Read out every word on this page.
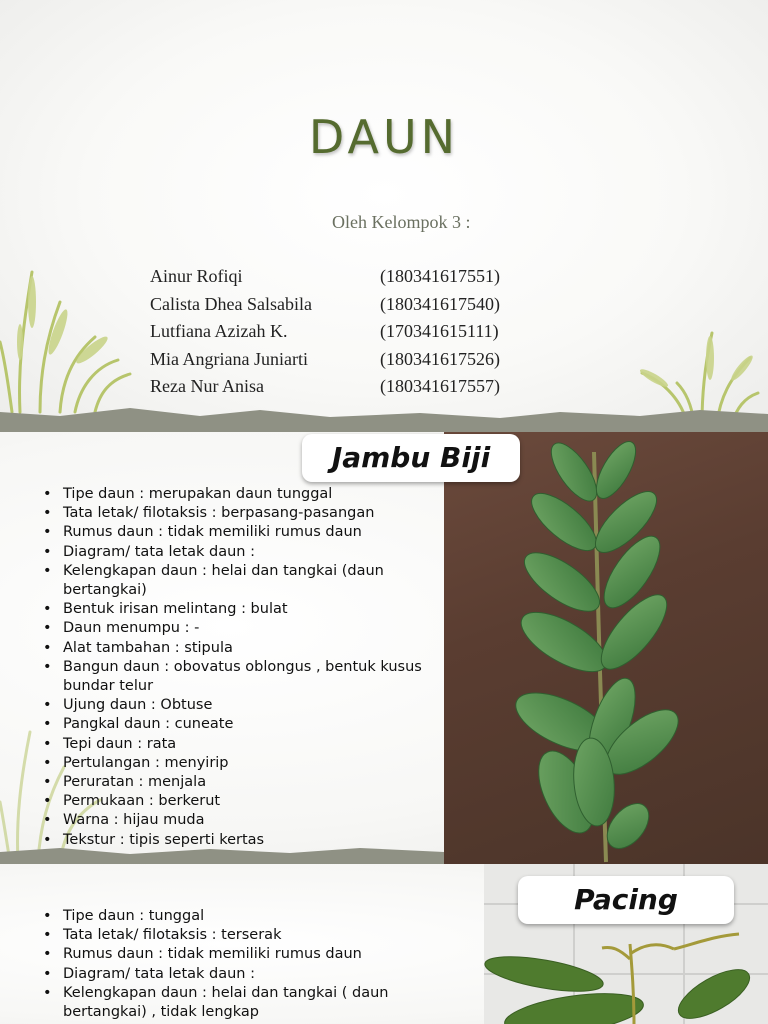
DAUN
Oleh Kelompok 3 :
Ainur Rofiqi	(180341617551)
Calista Dhea Salsabila	(180341617540)
Lutfiana Azizah K.	(170341615111)
Mia Angriana Juniarti	(180341617526)
Reza Nur Anisa	(180341617557)
Jambu Biji
• Tipe daun : merupakan daun tunggal
• Tata letak/ filotaksis : berpasang-pasangan
• Rumus daun : tidak memiliki rumus daun
• Diagram/ tata letak daun :
• Kelengkapan daun : helai dan tangkai (daun bertangkai)
• Bentuk irisan melintang : bulat
• Daun menumpu : -
• Alat tambahan : stipula
• Bangun daun : obovatus oblongus , bentuk kusus bundar telur
• Ujung daun : Obtuse
• Pangkal daun : cuneate
• Tepi daun : rata
• Pertulangan : menyirip
• Peruratan : menjala
• Permukaan : berkerut
• Warna : hijau muda
• Tekstur : tipis seperti kertas
Pacing
• Tipe daun : tunggal
• Tata letak/ filotaksis : terserak
• Rumus daun : tidak memiliki rumus daun
• Diagram/ tata letak daun :
• Kelengkapan daun : helai dan tangkai ( daun bertangkai) , tidak lengkap
